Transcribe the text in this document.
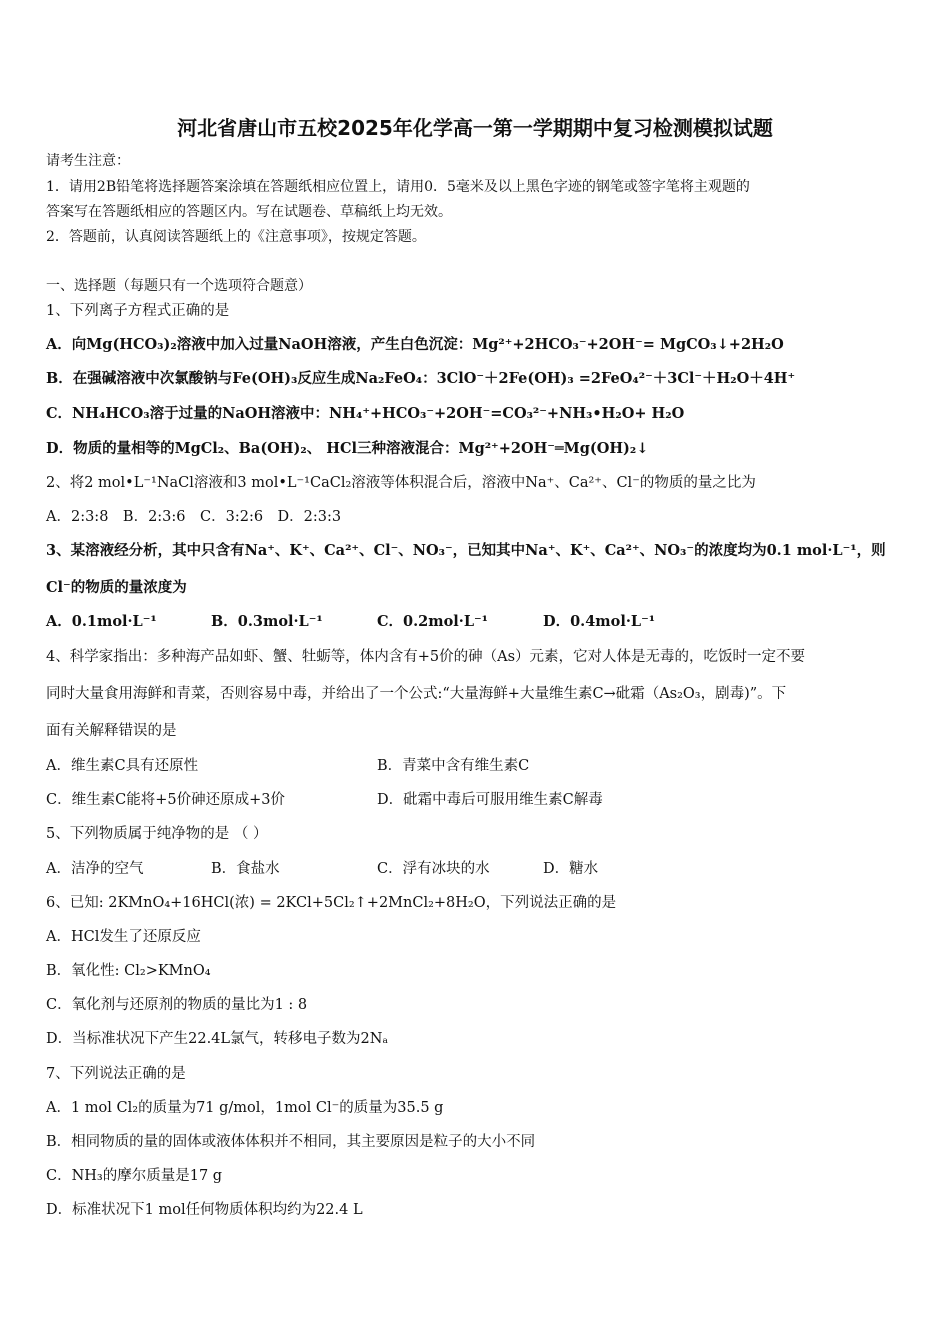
河北省唐山市五校2025年化学高一第一学期期中复习检测模拟试题
请考生注意：
1．请用2B铅笔将选择题答案涂填在答题纸相应位置上，请用0．5毫米及以上黑色字迹的钢笔或签字笔将主观题的
答案写在答题纸相应的答题区内。写在试题卷、草稿纸上均无效。
2．答题前，认真阅读答题纸上的《注意事项》，按规定答题。
一、选择题（每题只有一个选项符合题意）
1、下列离子方程式正确的是
A．向Mg(HCO₃)₂溶液中加入过量NaOH溶液，产生白色沉淀：Mg²⁺+2HCO₃⁻+2OH⁻= MgCO₃↓+2H₂O
B．在强碱溶液中次氯酸钠与Fe(OH)₃反应生成Na₂FeO₄：3ClO⁻＋2Fe(OH)₃ =2FeO₄²⁻＋3Cl⁻＋H₂O＋4H⁺
C．NH₄HCO₃溶于过量的NaOH溶液中：NH₄⁺+HCO₃⁻+2OH⁻=CO₃²⁻+NH₃•H₂O+ H₂O
D．物质的量相等的MgCl₂、Ba(OH)₂、 HCl三种溶液混合：Mg²⁺+2OH⁻═Mg(OH)₂↓
2、将2 mol•L⁻¹NaCl溶液和3 mol•L⁻¹CaCl₂溶液等体积混合后，溶液中Na⁺、Ca²⁺、Cl⁻的物质的量之比为
A．2:3:8　B．2:3:6　C．3:2:6　D．2:3:3
3、某溶液经分析，其中只含有Na⁺、K⁺、Ca²⁺、Cl⁻、NO₃⁻，已知其中Na⁺、K⁺、Ca²⁺、NO₃⁻的浓度均为0.1 mol·L⁻¹，则
Cl⁻的物质的量浓度为
A．0.1mol·L⁻¹	B．0.3mol·L⁻¹	C．0.2mol·L⁻¹	D．0.4mol·L⁻¹
4、科学家指出：多种海产品如虾、蟹、牡蛎等，体内含有+5价的砷（As）元素，它对人体是无毒的，吃饭时一定不要
同时大量食用海鲜和青菜，否则容易中毒，并给出了一个公式:“大量海鲜+大量维生素C→砒霜（As₂O₃，剧毒)”。下
面有关解释错误的是
A．维生素C具有还原性	B．青菜中含有维生素C
C．维生素C能将+5价砷还原成+3价	D．砒霜中毒后可服用维生素C解毒
5、下列物质属于纯净物的是 （ ）
A．洁净的空气	B．食盐水	C．浮有冰块的水	D．糖水
6、已知: 2KMnO₄+16HCl(浓) = 2KCl+5Cl₂↑+2MnCl₂+8H₂O，下列说法正确的是
A．HCl发生了还原反应
B．氧化性: Cl₂>KMnO₄
C．氧化剂与还原剂的物质的量比为1 : 8
D．当标准状况下产生22.4L氯气，转移电子数为2Nₐ
7、下列说法正确的是
A．1 mol Cl₂的质量为71 g/mol，1mol Cl⁻的质量为35.5 g
B．相同物质的量的固体或液体体积并不相同，其主要原因是粒子的大小不同
C．NH₃的摩尔质量是17 g
D．标准状况下1 mol任何物质体积均约为22.4 L
